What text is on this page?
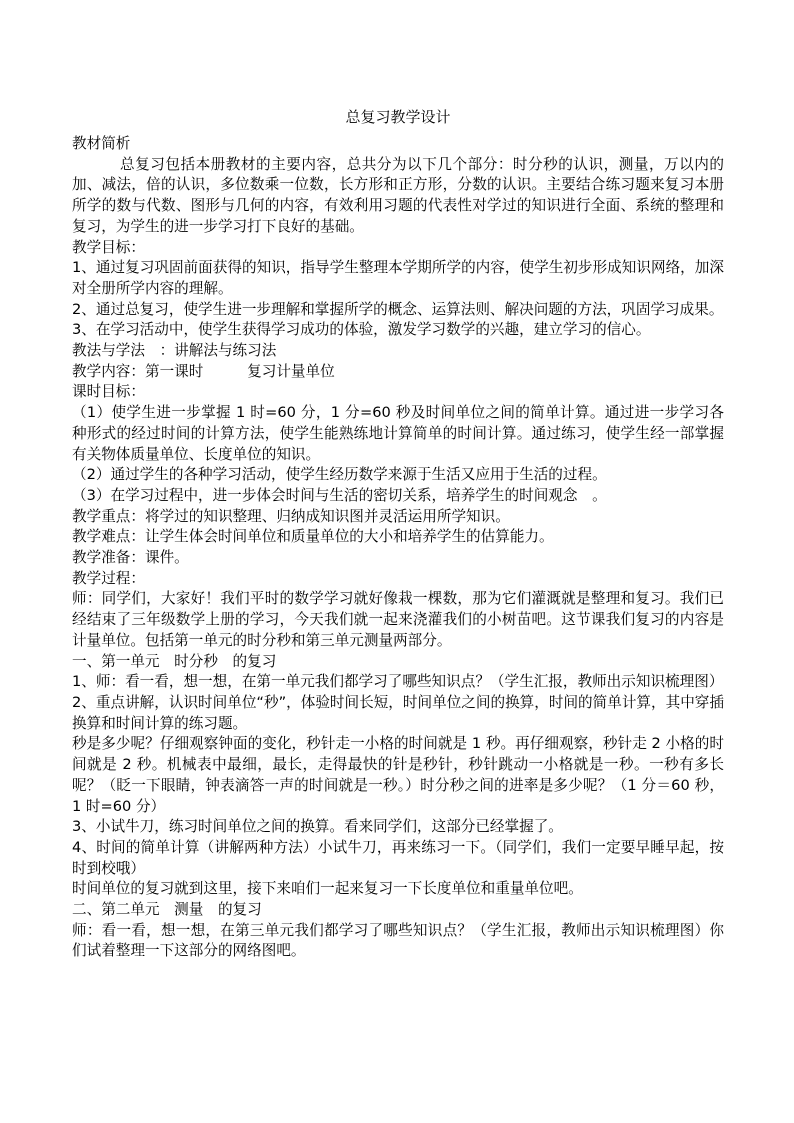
总复习教学设计

教材简析

总复习包括本册教材的主要内容，总共分为以下几个部分：时分秒的认识，测量，万以内的加、减法，倍的认识，多位数乘一位数，长方形和正方形，分数的认识。主要结合练习题来复习本册所学的数与代数、图形与几何的内容，有效利用习题的代表性对学过的知识进行全面、系统的整理和复习，为学生的进一步学习打下良好的基础。

教学目标：

1、通过复习巩固前面获得的知识，指导学生整理本学期所学的内容，使学生初步形成知识网络，加深对全册所学内容的理解。

2、通过总复习，使学生进一步理解和掌握所学的概念、运算法则、解决问题的方法，巩固学习成果。

3、在学习活动中，使学生获得学习成功的体验，激发学习数学的兴趣，建立学习的信心。

教法与学法　：讲解法与练习法

教学内容：第一课时　　　复习计量单位

课时目标：

（1）使学生进一步掌握 1 时=60 分，1 分=60 秒及时间单位之间的简单计算。通过进一步学习各种形式的经过时间的计算方法，使学生能熟练地计算简单的时间计算。通过练习，使学生经一部掌握有关物体质量单位、长度单位的知识。

（2）通过学生的各种学习活动，使学生经历数学来源于生活又应用于生活的过程。

（3）在学习过程中，进一步体会时间与生活的密切关系，培养学生的时间观念　。

教学重点：将学过的知识整理、归纳成知识图并灵活运用所学知识。

教学难点：让学生体会时间单位和质量单位的大小和培养学生的估算能力。

教学准备：课件。

教学过程：

师：同学们，大家好！我们平时的数学学习就好像栽一棵数，那为它们灌溉就是整理和复习。我们已经结束了三年级数学上册的学习，今天我们就一起来浇灌我们的小树苗吧。这节课我们复习的内容是计量单位。包括第一单元的时分秒和第三单元测量两部分。

一、第一单元　时分秒　的复习

1、师：看一看，想一想，在第一单元我们都学习了哪些知识点？（学生汇报，教师出示知识梳理图）

2、重点讲解，认识时间单位“秒”，体验时间长短，时间单位之间的换算，时间的简单计算，其中穿插换算和时间计算的练习题。

秒是多少呢？仔细观察钟面的变化，秒针走一小格的时间就是 1 秒。再仔细观察，秒针走 2 小格的时间就是 2 秒。机械表中最细，最长，走得最快的针是秒针，秒针跳动一小格就是一秒。一秒有多长呢？（眨一下眼睛，钟表滴答一声的时间就是一秒。）时分秒之间的进率是多少呢？（1 分＝60 秒，1 时=60 分）

3、小试牛刀，练习时间单位之间的换算。看来同学们，这部分已经掌握了。

4、时间的简单计算（讲解两种方法）小试牛刀，再来练习一下。（同学们，我们一定要早睡早起，按时到校哦）

时间单位的复习就到这里，接下来咱们一起来复习一下长度单位和重量单位吧。

二、第二单元　测量　的复习

师：看一看，想一想，在第三单元我们都学习了哪些知识点？（学生汇报，教师出示知识梳理图）你们试着整理一下这部分的网络图吧。
